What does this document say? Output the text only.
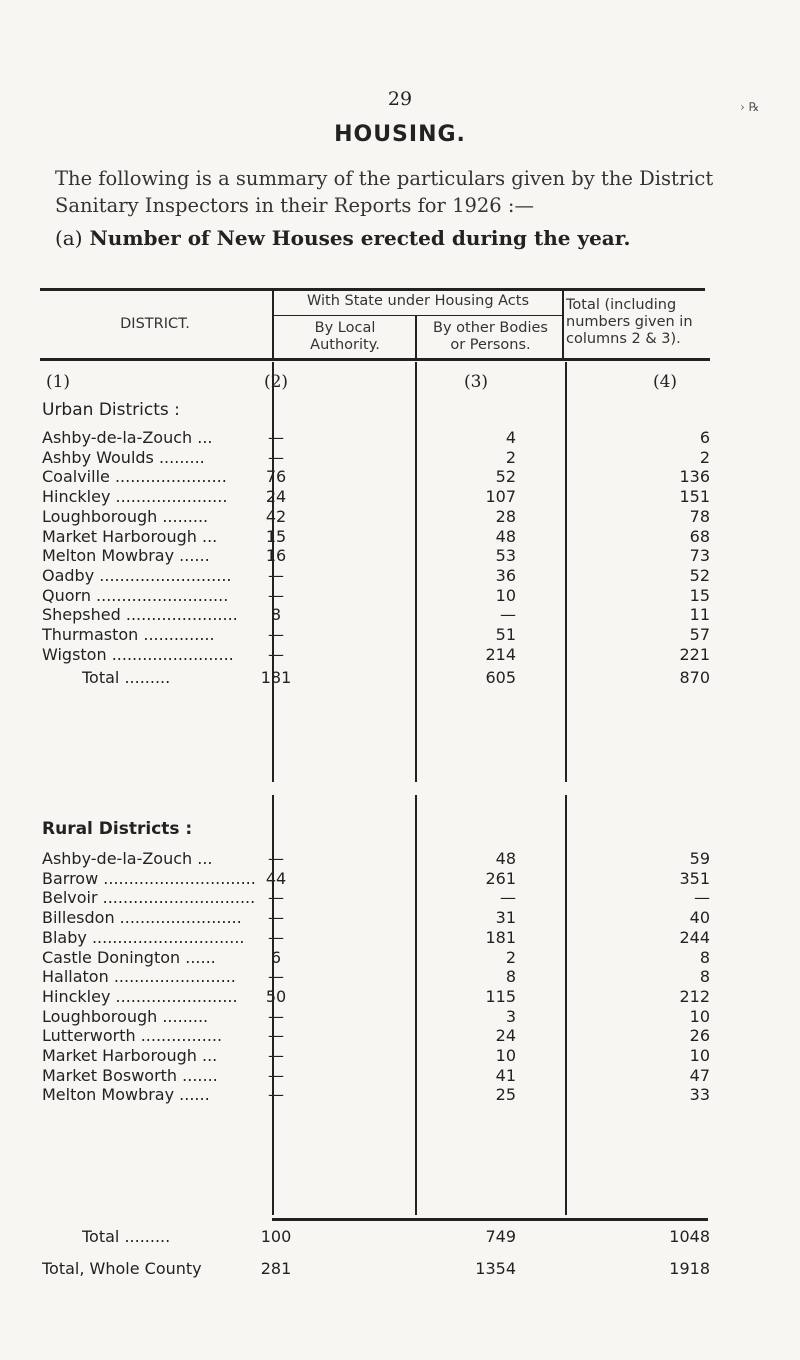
29	› ℞
HOUSING.
The following is a summary of the particulars given by the District Sanitary Inspectors in their Reports for 1926 :—
(a) Number of New Houses erected during the year.
DISTRICT.
With State under Housing Acts
By Local
Authority.
By other Bodies
or Persons.
Total (including
numbers given in
columns 2 & 3).
(1)	(2)	(3)	(4)
Urban Districts :
Ashby-de-la-Zouch ...	—	4	6
Ashby Woulds .........	—	2	2
Coalville ......................	76	52	136
Hinckley ......................	24	107	151
Loughborough .........	42	28	78
Market Harborough ...	15	48	68
Melton Mowbray ......	16	53	73
Oadby ..........................	—	36	52
Quorn ..........................	—	10	15
Shepshed ......................	8	—	11
Thurmaston ..............	—	51	57
Wigston ........................	—	214	221
Total .........	181	605	870
Rural Districts :
Ashby-de-la-Zouch ...	—	48	59
Barrow .............................. 44	261	351
Belvoir .............................. —	—	—
Billesdon ........................	—	31	40
Blaby ..............................	—	181	244
Castle Donington ......	6	2	8
Hallaton ........................	—	8	8
Hinckley ........................	50	115	212
Loughborough .........	—	3	10
Lutterworth ................	—	24	26
Market Harborough ...	—	10	10
Market Bosworth .......	—	41	47
Melton Mowbray ......	—	25	33
Total .........	100	749	1048
Total, Whole County	281	1354	1918
